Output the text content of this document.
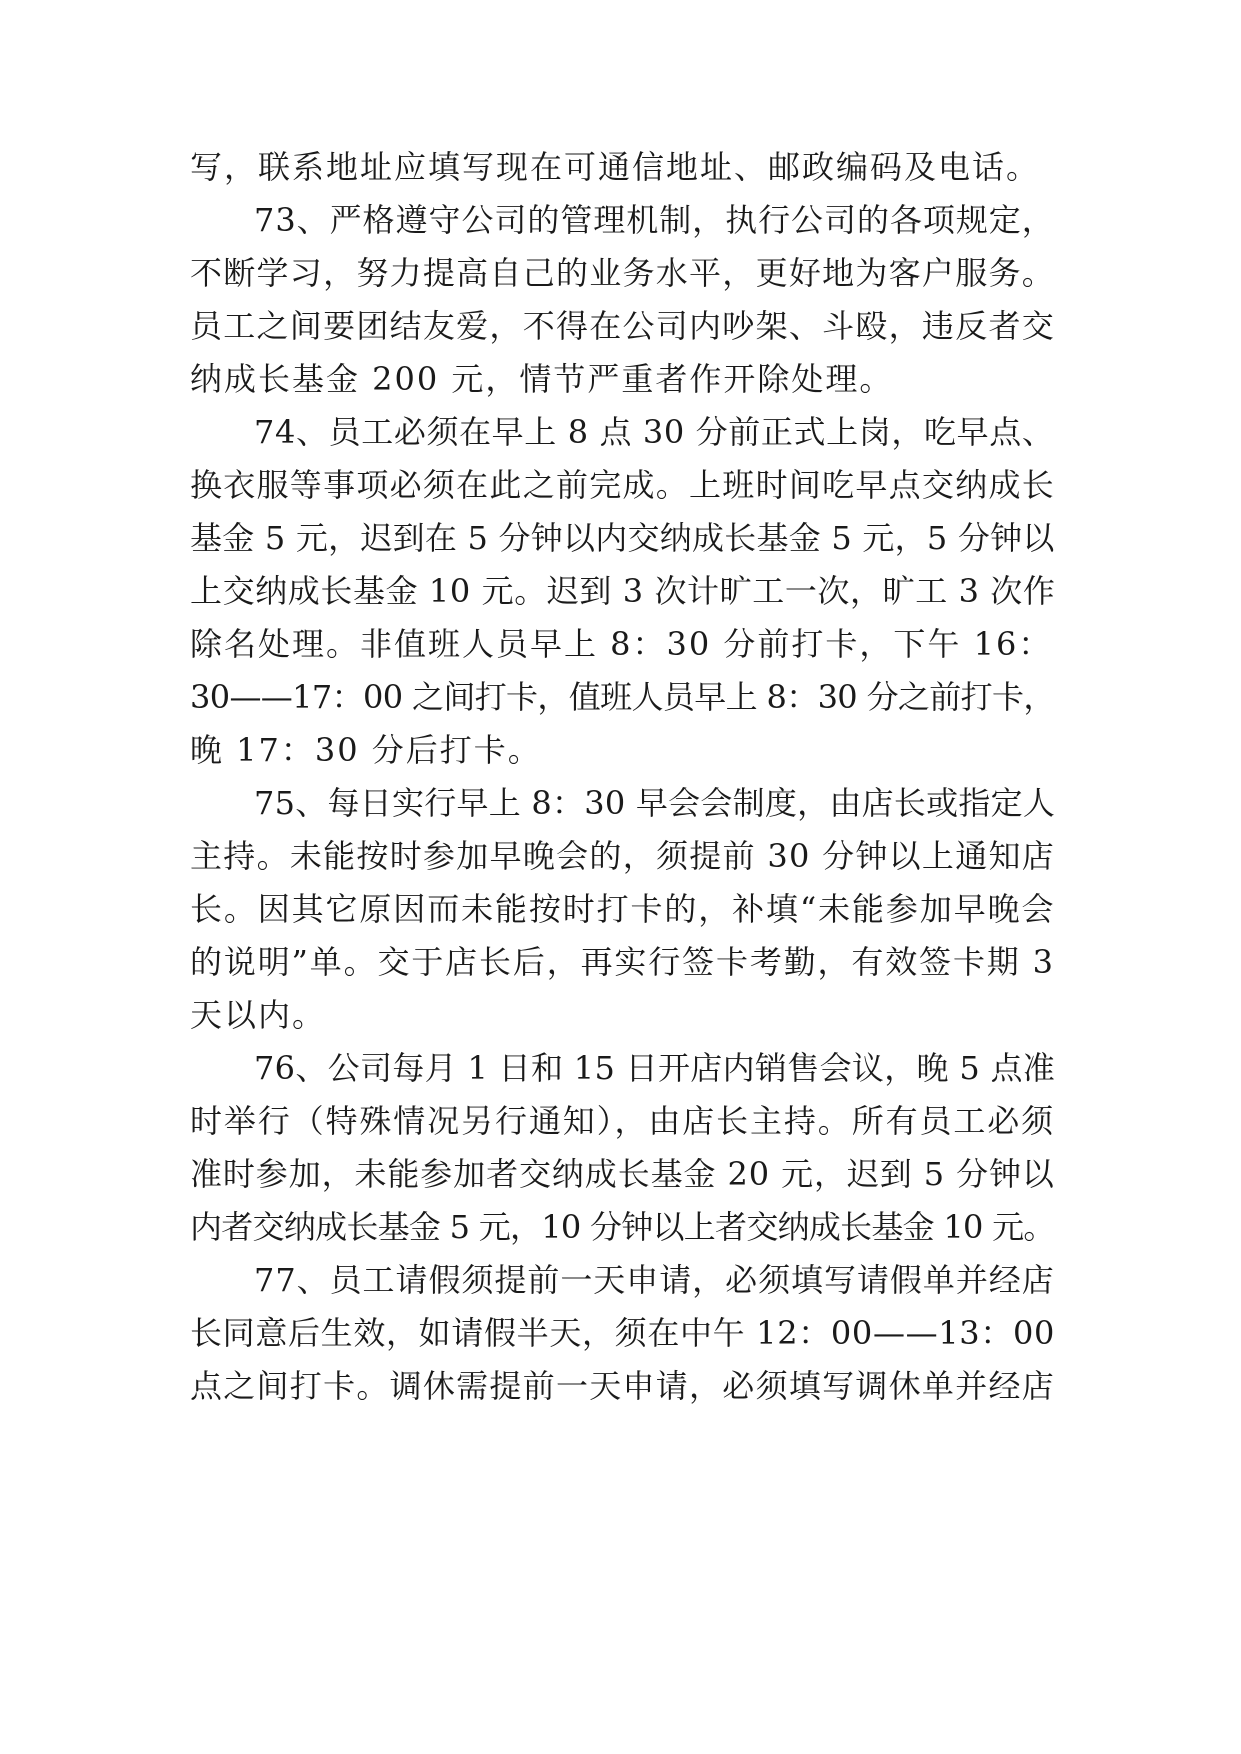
写，联系地址应填写现在可通信地址、邮政编码及电话。

73、严格遵守公司的管理机制，执行公司的各项规定，

不断学习，努力提高自己的业务水平，更好地为客户服务。

员工之间要团结友爱，不得在公司内吵架、斗殴，违反者交

纳成长基金 200 元，情节严重者作开除处理。

74、员工必须在早上 8 点 30 分前正式上岗，吃早点、

换衣服等事项必须在此之前完成。上班时间吃早点交纳成长

基金 5 元，迟到在 5 分钟以内交纳成长基金 5 元，5 分钟以

上交纳成长基金 10 元。迟到 3 次计旷工一次，旷工 3 次作

除名处理。非值班人员早上 8：30 分前打卡，下午 16：

30——17：00 之间打卡，值班人员早上 8：30 分之前打卡，

晚 17：30 分后打卡。

75、每日实行早上 8：30 早会会制度，由店长或指定人

主持。未能按时参加早晚会的，须提前 30 分钟以上通知店

长。因其它原因而未能按时打卡的，补填“未能参加早晚会

的说明”单。交于店长后，再实行签卡考勤，有效签卡期 3

天以内。

76、公司每月 1 日和 15 日开店内销售会议，晚 5 点准

时举行（特殊情况另行通知），由店长主持。所有员工必须

准时参加，未能参加者交纳成长基金 20 元，迟到 5 分钟以

内者交纳成长基金 5 元，10 分钟以上者交纳成长基金 10 元。

77、员工请假须提前一天申请，必须填写请假单并经店

长同意后生效，如请假半天，须在中午 12：00——13：00

点之间打卡。调休需提前一天申请，必须填写调休单并经店
